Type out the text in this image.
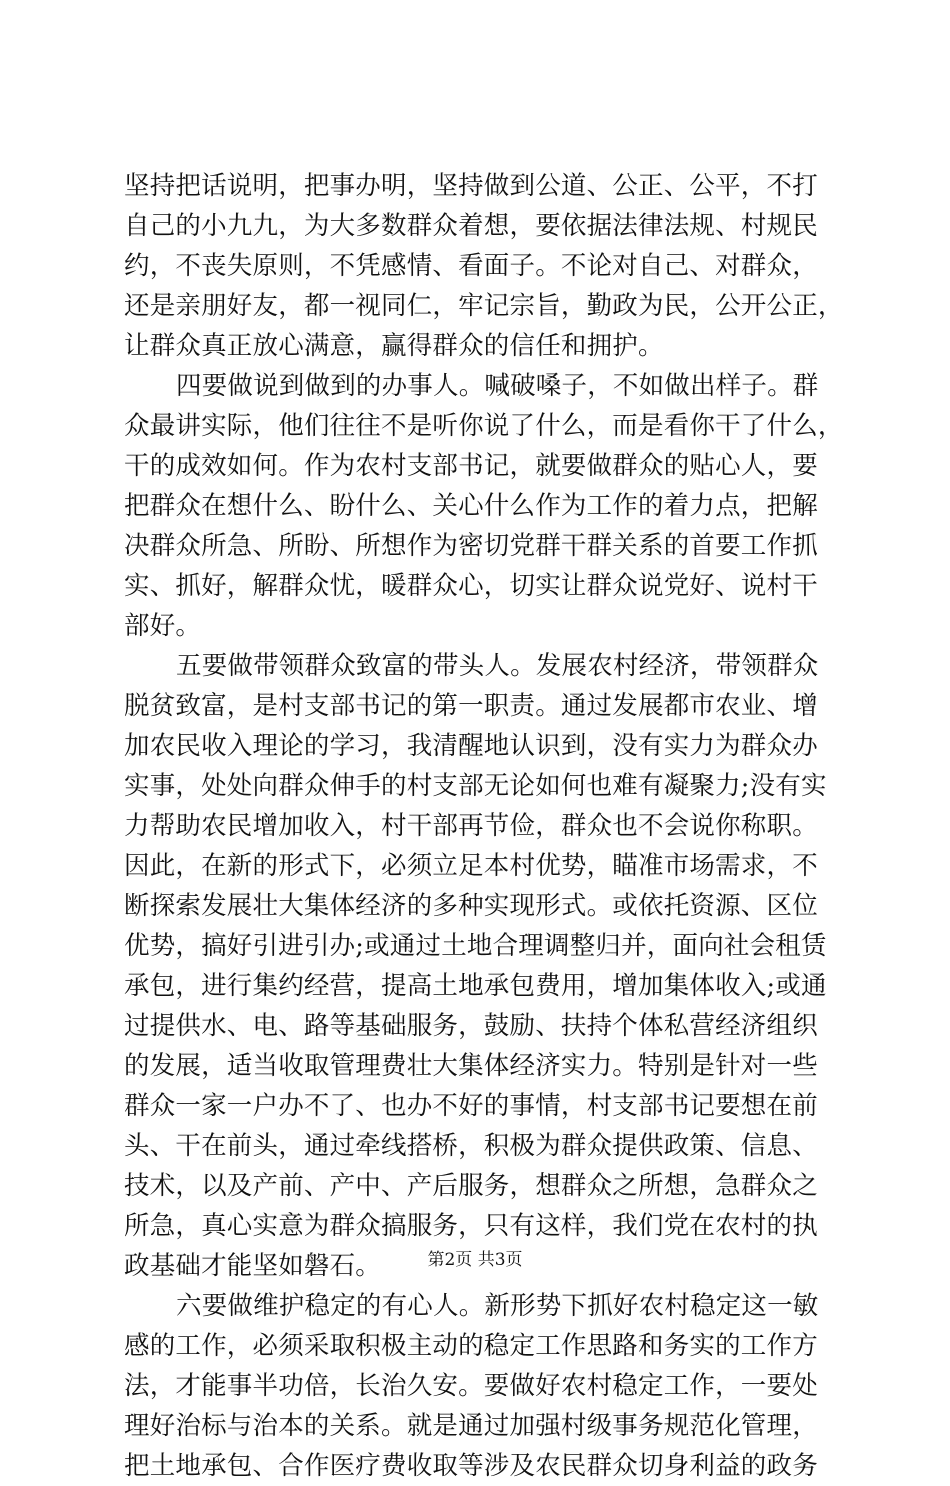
坚持把话说明，把事办明，坚持做到公道、公正、公平，不打
自己的小九九，为大多数群众着想，要依据法律法规、村规民
约，不丧失原则，不凭感情、看面子。不论对自己、对群众，
还是亲朋好友，都一视同仁，牢记宗旨，勤政为民，公开公正，
让群众真正放心满意，赢得群众的信任和拥护。
四要做说到做到的办事人。喊破嗓子，不如做出样子。群
众最讲实际，他们往往不是听你说了什么，而是看你干了什么，
干的成效如何。作为农村支部书记，就要做群众的贴心人，要
把群众在想什么、盼什么、关心什么作为工作的着力点，把解
决群众所急、所盼、所想作为密切党群干群关系的首要工作抓
实、抓好，解群众忧，暖群众心，切实让群众说党好、说村干
部好。
五要做带领群众致富的带头人。发展农村经济，带领群众
脱贫致富，是村支部书记的第一职责。通过发展都市农业、增
加农民收入理论的学习，我清醒地认识到，没有实力为群众办
实事，处处向群众伸手的村支部无论如何也难有凝聚力;没有实
力帮助农民增加收入，村干部再节俭，群众也不会说你称职。
因此，在新的形式下，必须立足本村优势，瞄准市场需求，不
断探索发展壮大集体经济的多种实现形式。或依托资源、区位
优势，搞好引进引办;或通过土地合理调整归并，面向社会租赁
承包，进行集约经营，提高土地承包费用，增加集体收入;或通
过提供水、电、路等基础服务，鼓励、扶持个体私营经济组织
的发展，适当收取管理费壮大集体经济实力。特别是针对一些
群众一家一户办不了、也办不好的事情，村支部书记要想在前
头、干在前头，通过牵线搭桥，积极为群众提供政策、信息、
技术，以及产前、产中、产后服务，想群众之所想，急群众之
所急，真心实意为群众搞服务，只有这样，我们党在农村的执
政基础才能坚如磐石。
六要做维护稳定的有心人。新形势下抓好农村稳定这一敏
感的工作，必须采取积极主动的稳定工作思路和务实的工作方
法，才能事半功倍，长治久安。要做好农村稳定工作，一要处
理好治标与治本的关系。就是通过加强村级事务规范化管理，
把土地承包、合作医疗费收取等涉及农民群众切身利益的政务
第2页 共3页
